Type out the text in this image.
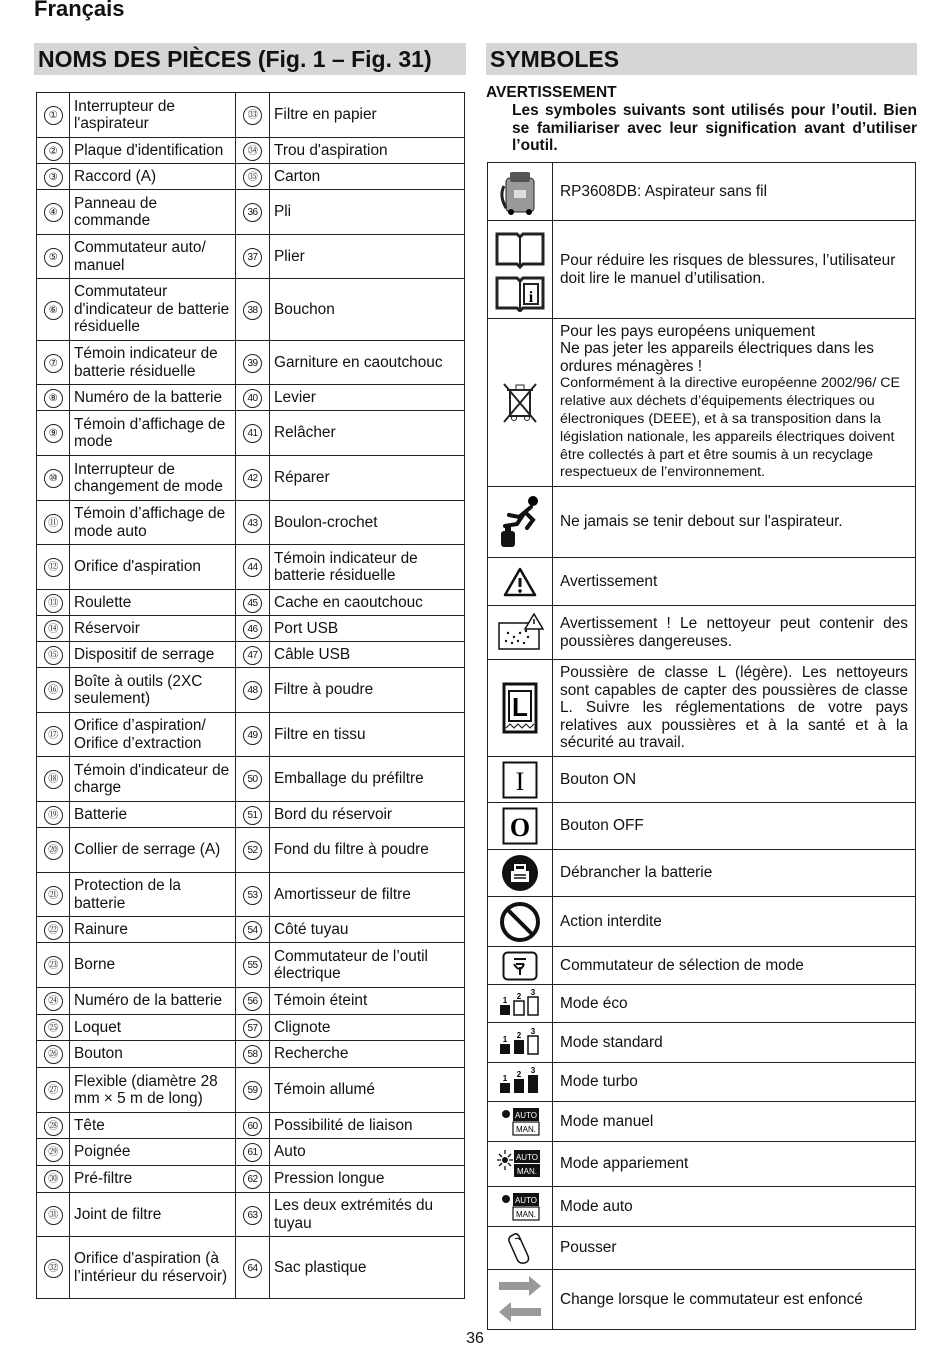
Français
NOMS DES PIÈCES (Fig. 1 – Fig. 31)	SYMBOLES
①	Interrupteur de l'aspirateur	㉝	Filtre en papier
②	Plaque d'identification	㉞	Trou d'aspiration
③	Raccord (A)	㉟	Carton
④	Panneau de commande	36	Pli
⑤	Commutateur auto/ manuel	37	Plier
⑥	Commutateur d'indicateur de batterie résiduelle	38	Bouchon
⑦	Témoin indicateur de batterie résiduelle	39	Garniture en caoutchouc
⑧	Numéro de la batterie	40	Levier
⑨	Témoin d’affichage de mode	41	Relâcher
⑩	Interrupteur de changement de mode	42	Réparer
⑪	Témoin d’affichage de mode auto	43	Boulon-crochet
⑫	Orifice d'aspiration	44	Témoin indicateur de batterie résiduelle
⑬	Roulette	45	Cache en caoutchouc
⑭	Réservoir	46	Port USB
⑮	Dispositif de serrage	47	Câble USB
⑯	Boîte à outils (2XC seulement)	48	Filtre à poudre
⑰	Orifice d’aspiration/ Orifice d’extraction	49	Filtre en tissu
⑱	Témoin d'indicateur de charge	50	Emballage du préfiltre
⑲	Batterie	51	Bord du réservoir
⑳	Collier de serrage (A)	52	Fond du filtre à poudre
㉑	Protection de la batterie	53	Amortisseur de filtre
㉒	Rainure	54	Côté tuyau
㉓	Borne	55	Commutateur de l’outil électrique
㉔	Numéro de la batterie	56	Témoin éteint
㉕	Loquet	57	Clignote
㉖	Bouton	58	Recherche
㉗	Flexible (diamètre 28 mm × 5 m de long)	59	Témoin allumé
㉘	Tête	60	Possibilité de liaison
㉙	Poignée	61	Auto
㉚	Pré-filtre	62	Pression longue
㉛	Joint de filtre	63	Les deux extrémités du tuyau
㉜	Orifice d'aspiration (à l’intérieur du réservoir)	64	Sac plastique
AVERTISSEMENT
Les symboles suivants sont utilisés pour l’outil. Bien se familiariser avec leur signification avant d’utiliser l’outil.
	RP3608DB: Aspirateur sans fil

i	Pour réduire les risques de blessures, l’utilisateur doit lire le manuel d’utilisation.

Pour les pays européens uniquement
Ne pas jeter les appareils électriques dans les ordures ménagères !
Conformément à la directive européenne 2002/96/ CE relative aux déchets d’équipements électriques ou électroniques (DEEE), et à sa transposition dans la législation nationale, les appareils électriques doivent être collectés à part et être soumis à un recyclage respectueux de l’environnement.

	Ne jamais se tenir debout sur l'aspirateur.

	Avertissement

	Avertissement ! Le nettoyeur peut contenir des poussières dangereuses.

L	Poussière de classe L (légère). Les nettoyeurs sont capables de capter des poussières de classe L. Suivre les réglementations de votre pays relatives aux poussières et à la santé et à la sécurité au travail.

I	Bouton ON

O	Bouton OFF

	Débrancher la batterie

	Action interdite

	Commutateur de sélection de mode

1 2 3	Mode éco

1 2 3	Mode standard

1 2 3	Mode turbo

AUTO
MAN.	Mode manuel

AUTO
MAN.	Mode appariement

AUTO
MAN.	Mode auto

	Pousser

	Change lorsque le commutateur est enfoncé
36
